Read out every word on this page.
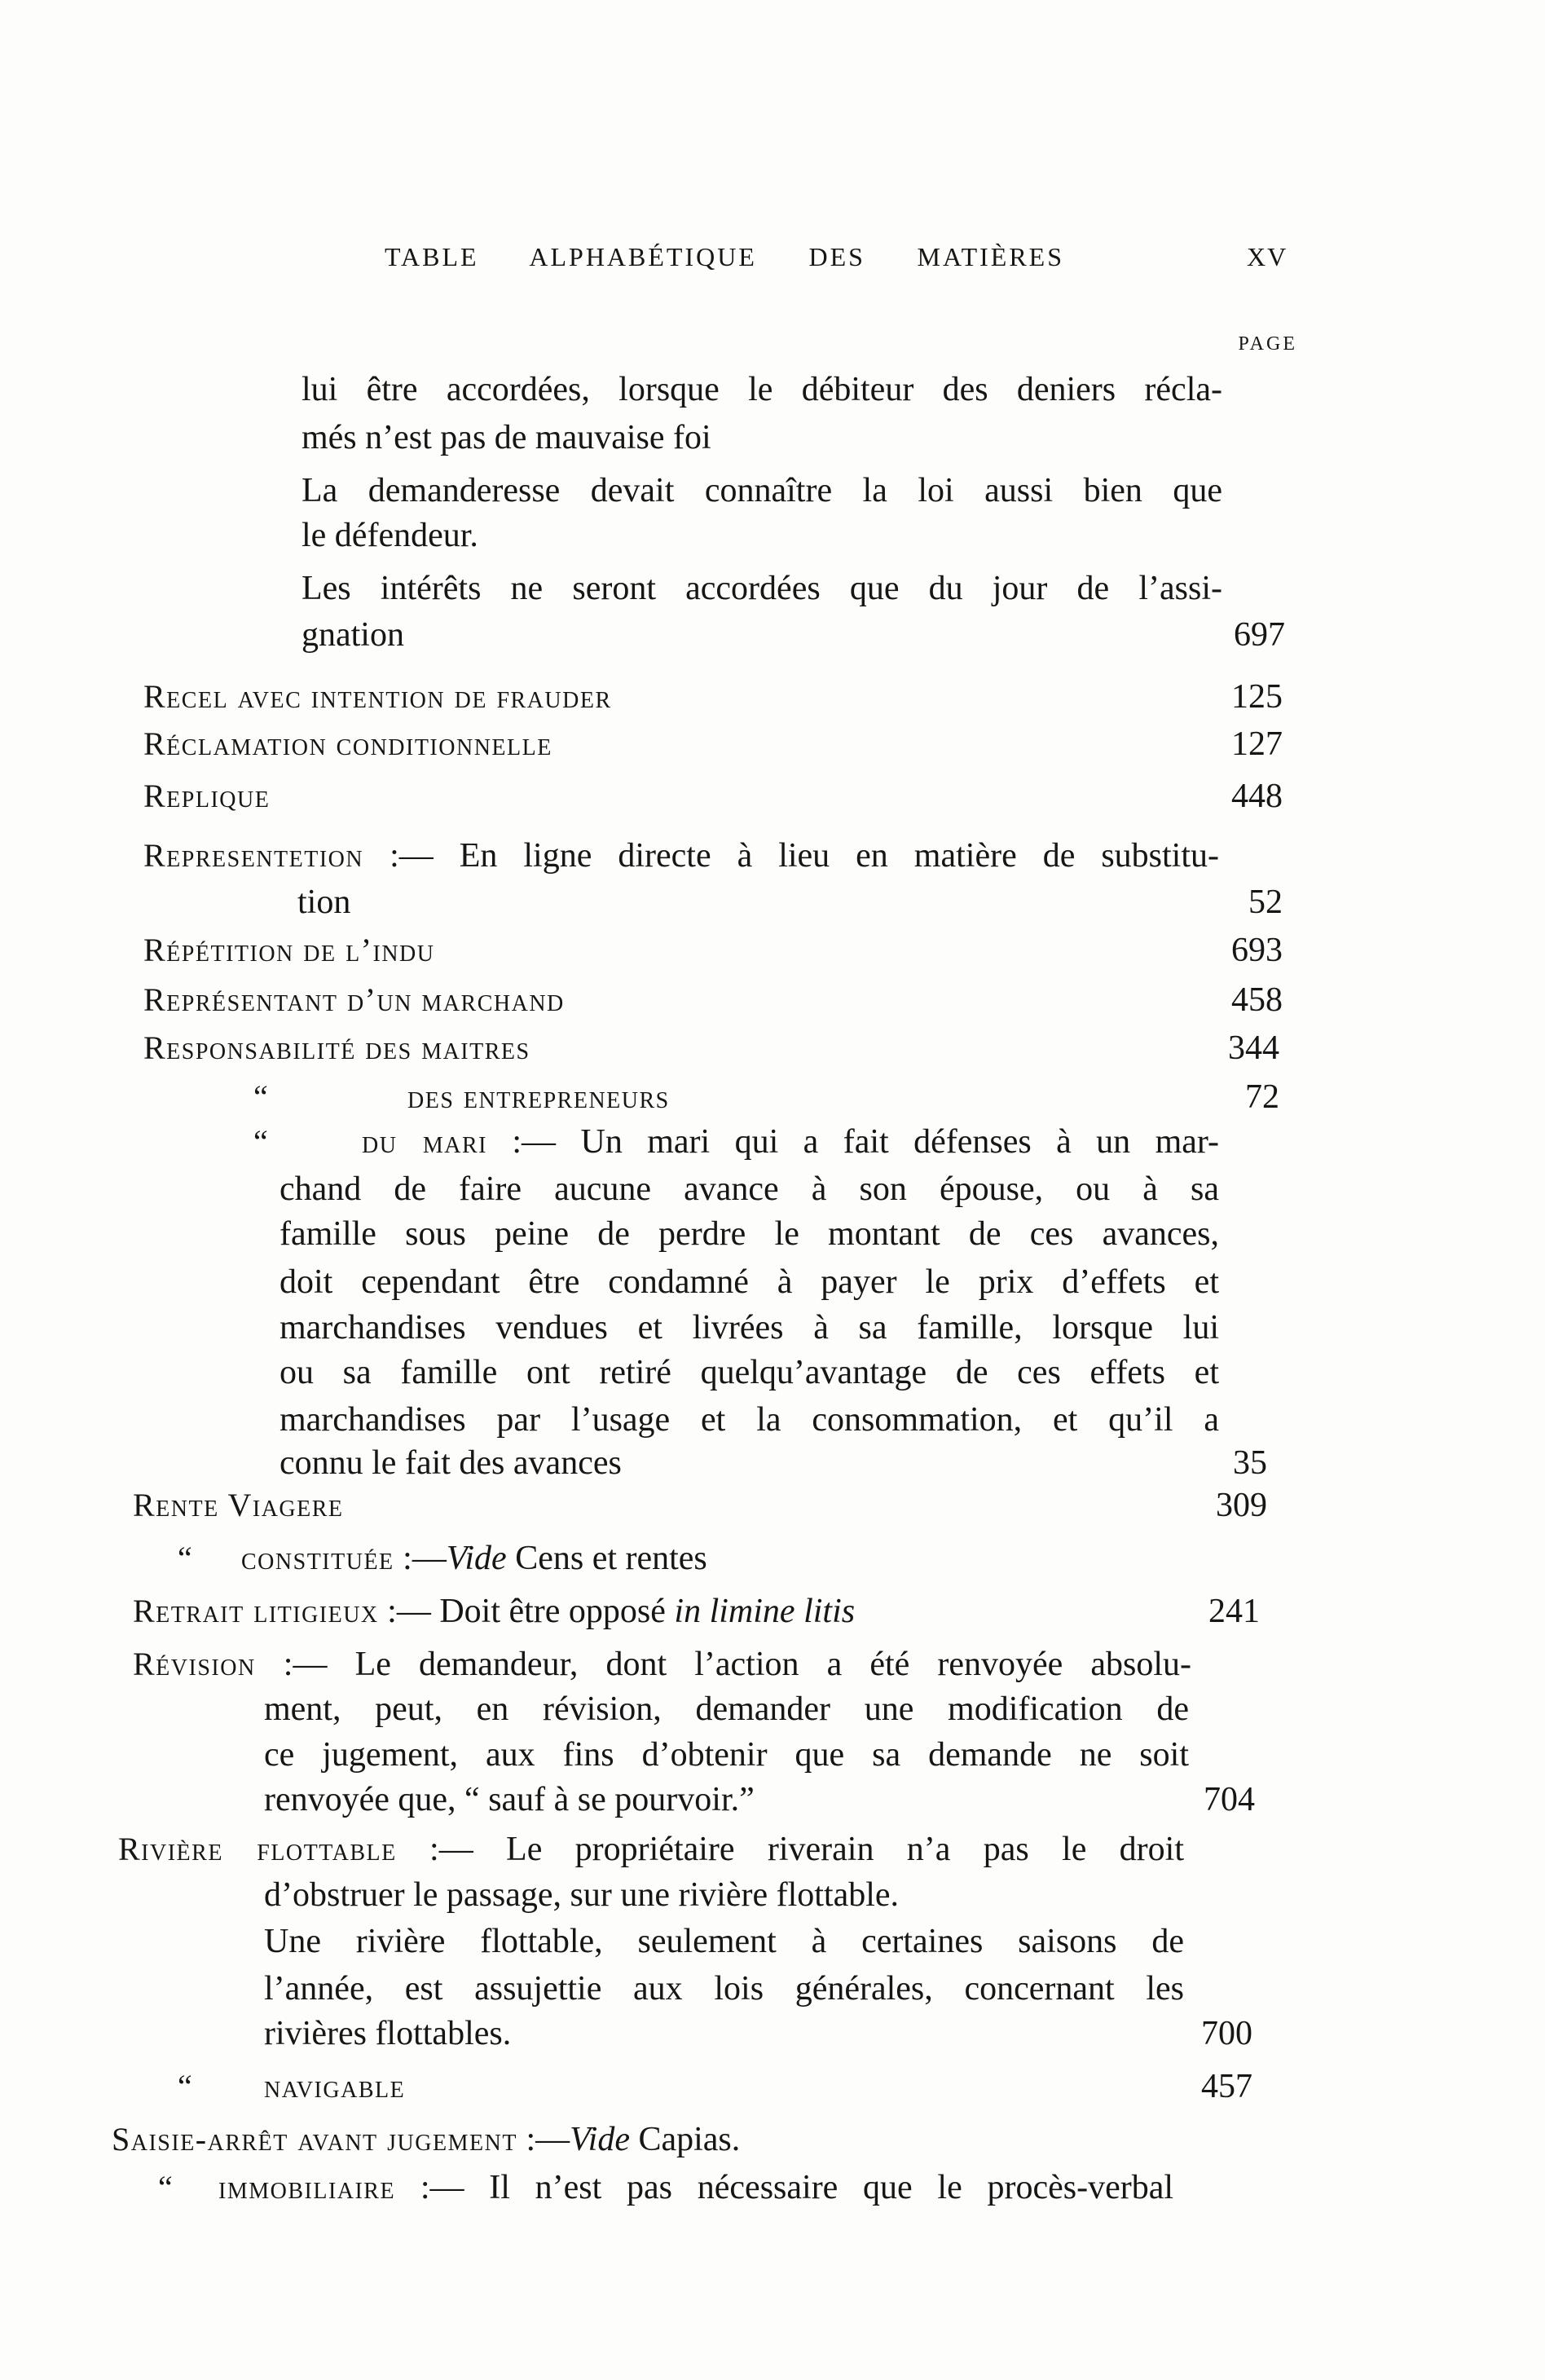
TABLE ALPHABÉTIQUE DES MATIÈRES	XV
PAGE
lui être accordées, lorsque le débiteur des deniers récla-
més n’est pas de mauvaise foi
La demanderesse devait connaître la loi aussi bien que
le défendeur.
Les intérêts ne seront accordées que du jour de l’assi-
gnation	697
Recel avec intention de frauder	125
Réclamation conditionnelle	127
Replique	448
Representetion :— En ligne directe à lieu en matière de substitu-
tion	52
Répétition de l’indu	693
Représentant d’un marchand	458
Responsabilité des maitres	344
“	des entrepreneurs	72
“	du mari :— Un mari qui a fait défenses à un mar-
chand de faire aucune avance à son épouse, ou à sa
famille sous peine de perdre le montant de ces avances,
doit cependant être condamné à payer le prix d’effets et
marchandises vendues et livrées à sa famille, lorsque lui
ou sa famille ont retiré quelqu’avantage de ces effets et
marchandises par l’usage et la consommation, et qu’il a
connu le fait des avances	35
Rente Viagere	309
“ constituée :—Vide Cens et rentes
Retrait litigieux :— Doit être opposé in limine litis	241
Révision :— Le demandeur, dont l’action a été renvoyée absolu-
ment, peut, en révision, demander une modification de
ce jugement, aux fins d’obtenir que sa demande ne soit
renvoyée que, “ sauf à se pourvoir.”	704
Rivière flottable :— Le propriétaire riverain n’a pas le droit
d’obstruer le passage, sur une rivière flottable.
Une rivière flottable, seulement à certaines saisons de
l’année, est assujettie aux lois générales, concernant les
rivières flottables.	700
“ navigable	457
Saisie-arrêt avant jugement :—Vide Capias.
“ immobiliaire :— Il n’est pas nécessaire que le procès-verbal
